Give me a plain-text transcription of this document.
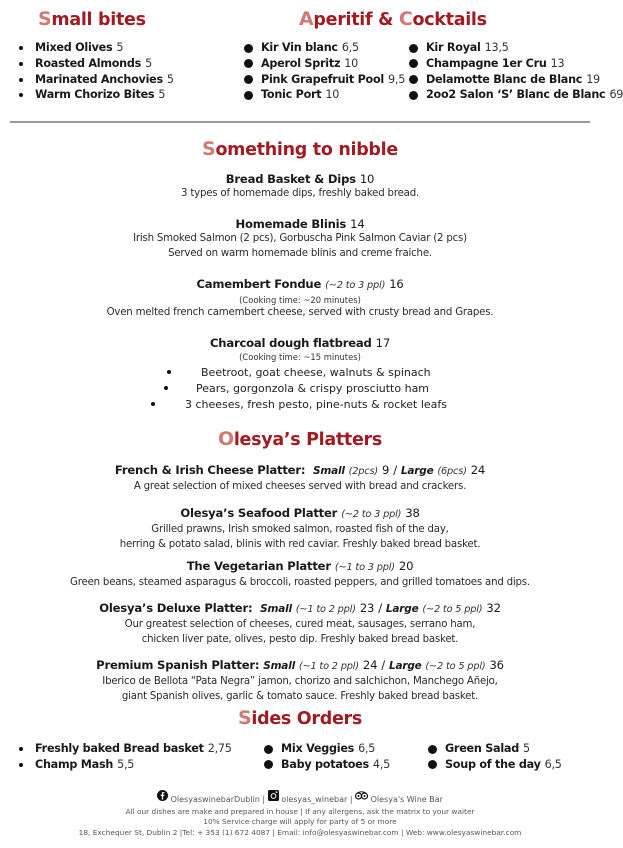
Small bites
Mixed Olives 5
Roasted Almonds 5
Marinated Anchovies 5
Warm Chorizo Bites 5
Aperitif & Cocktails
Kir Vin blanc 6,5
Aperol Spritz 10
Pink Grapefruit Pool 9,5
Tonic Port 10
Kir Royal 13,5
Champagne 1er Cru 13
Delamotte Blanc de Blanc 19
2oo2 Salon ‘S’ Blanc de Blanc 69
Something to nibble
Bread Basket & Dips 10
3 types of homemade dips, freshly baked bread.
Homemade Blinis 14
Irish Smoked Salmon (2 pcs), Gorbuscha Pink Salmon Caviar (2 pcs)
Served on warm homemade blinis and creme fraiche.
Camembert Fondue (~2 to 3 ppl) 16
(Cooking time: ~20 minutes)
Oven melted french camembert cheese, served with crusty bread and Grapes.
Charcoal dough flatbread 17
(Cooking time: ~15 minutes)
Beetroot, goat cheese, walnuts & spinach
Pears, gorgonzola & crispy prosciutto ham
3 cheeses, fresh pesto, pine-nuts & rocket leafs
Olesya’s Platters
French & Irish Cheese Platter: Small (2pcs) 9 / Large (6pcs) 24
A great selection of mixed cheeses served with bread and crackers.
Olesya’s Seafood Platter (~2 to 3 ppl) 38
Grilled prawns, Irish smoked salmon, roasted fish of the day,
herring & potato salad, blinis with red caviar. Freshly baked bread basket.
The Vegetarian Platter (~1 to 3 ppl) 20
Green beans, steamed asparagus & broccoli, roasted peppers, and grilled tomatoes and dips.
Olesya’s Deluxe Platter: Small (~1 to 2 ppl) 23 / Large (~2 to 5 ppl) 32
Our greatest selection of cheeses, cured meat, sausages, serrano ham,
chicken liver pate, olives, pesto dip. Freshly baked bread basket.
Premium Spanish Platter: Small (~1 to 2 ppl) 24 / Large (~2 to 5 ppl) 36
Iberico de Bellota “Pata Negra” jamon, chorizo and salchichon, Manchego Añejo,
giant Spanish olives, garlic & tomato sauce. Freshly baked bread basket.
Sides Orders
Freshly baked Bread basket 2,75
Champ Mash 5,5
Mix Veggies 6,5
Baby potatoes 4,5
Green Salad 5
Soup of the day 6,5
OlesyaswinebarDublin | olesyas_winebar | Olesya's Wine Bar
All our dishes are make and prepared in house | If any allergens, ask the matrix to your waiter
10% Service charge will apply for party of 5 or more
18, Exchequer St, Dublin 2 |Tel: + 353 (1) 672 4087 | Email: info@olesyaswinebar.com | Web: www.olesyaswinebar.com
